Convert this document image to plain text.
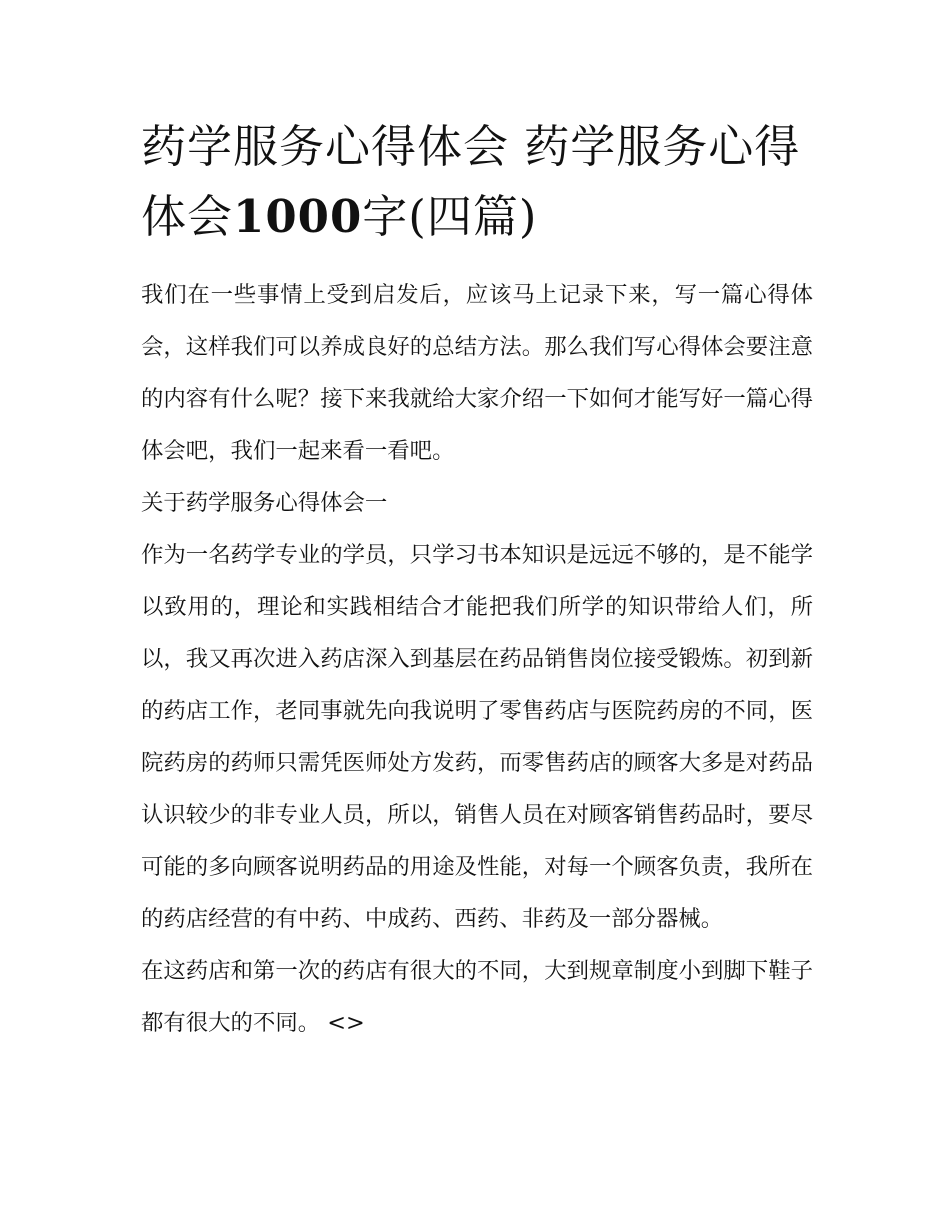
药学服务心得体会 药学服务心得体会1000字(四篇)

我们在一些事情上受到启发后，应该马上记录下来，写一篇心得体会，这样我们可以养成良好的总结方法。那么我们写心得体会要注意的内容有什么呢？接下来我就给大家介绍一下如何才能写好一篇心得体会吧，我们一起来看一看吧。

关于药学服务心得体会一

作为一名药学专业的学员，只学习书本知识是远远不够的，是不能学以致用的，理论和实践相结合才能把我们所学的知识带给人们，所以，我又再次进入药店深入到基层在药品销售岗位接受锻炼。初到新的药店工作，老同事就先向我说明了零售药店与医院药房的不同，医院药房的药师只需凭医师处方发药，而零售药店的顾客大多是对药品认识较少的非专业人员，所以，销售人员在对顾客销售药品时，要尽可能的多向顾客说明药品的用途及性能，对每一个顾客负责，我所在的药店经营的有中药、中成药、西药、非药及一部分器械。

在这药店和第一次的药店有很大的不同，大到规章制度小到脚下鞋子都有很大的不同。 <>
